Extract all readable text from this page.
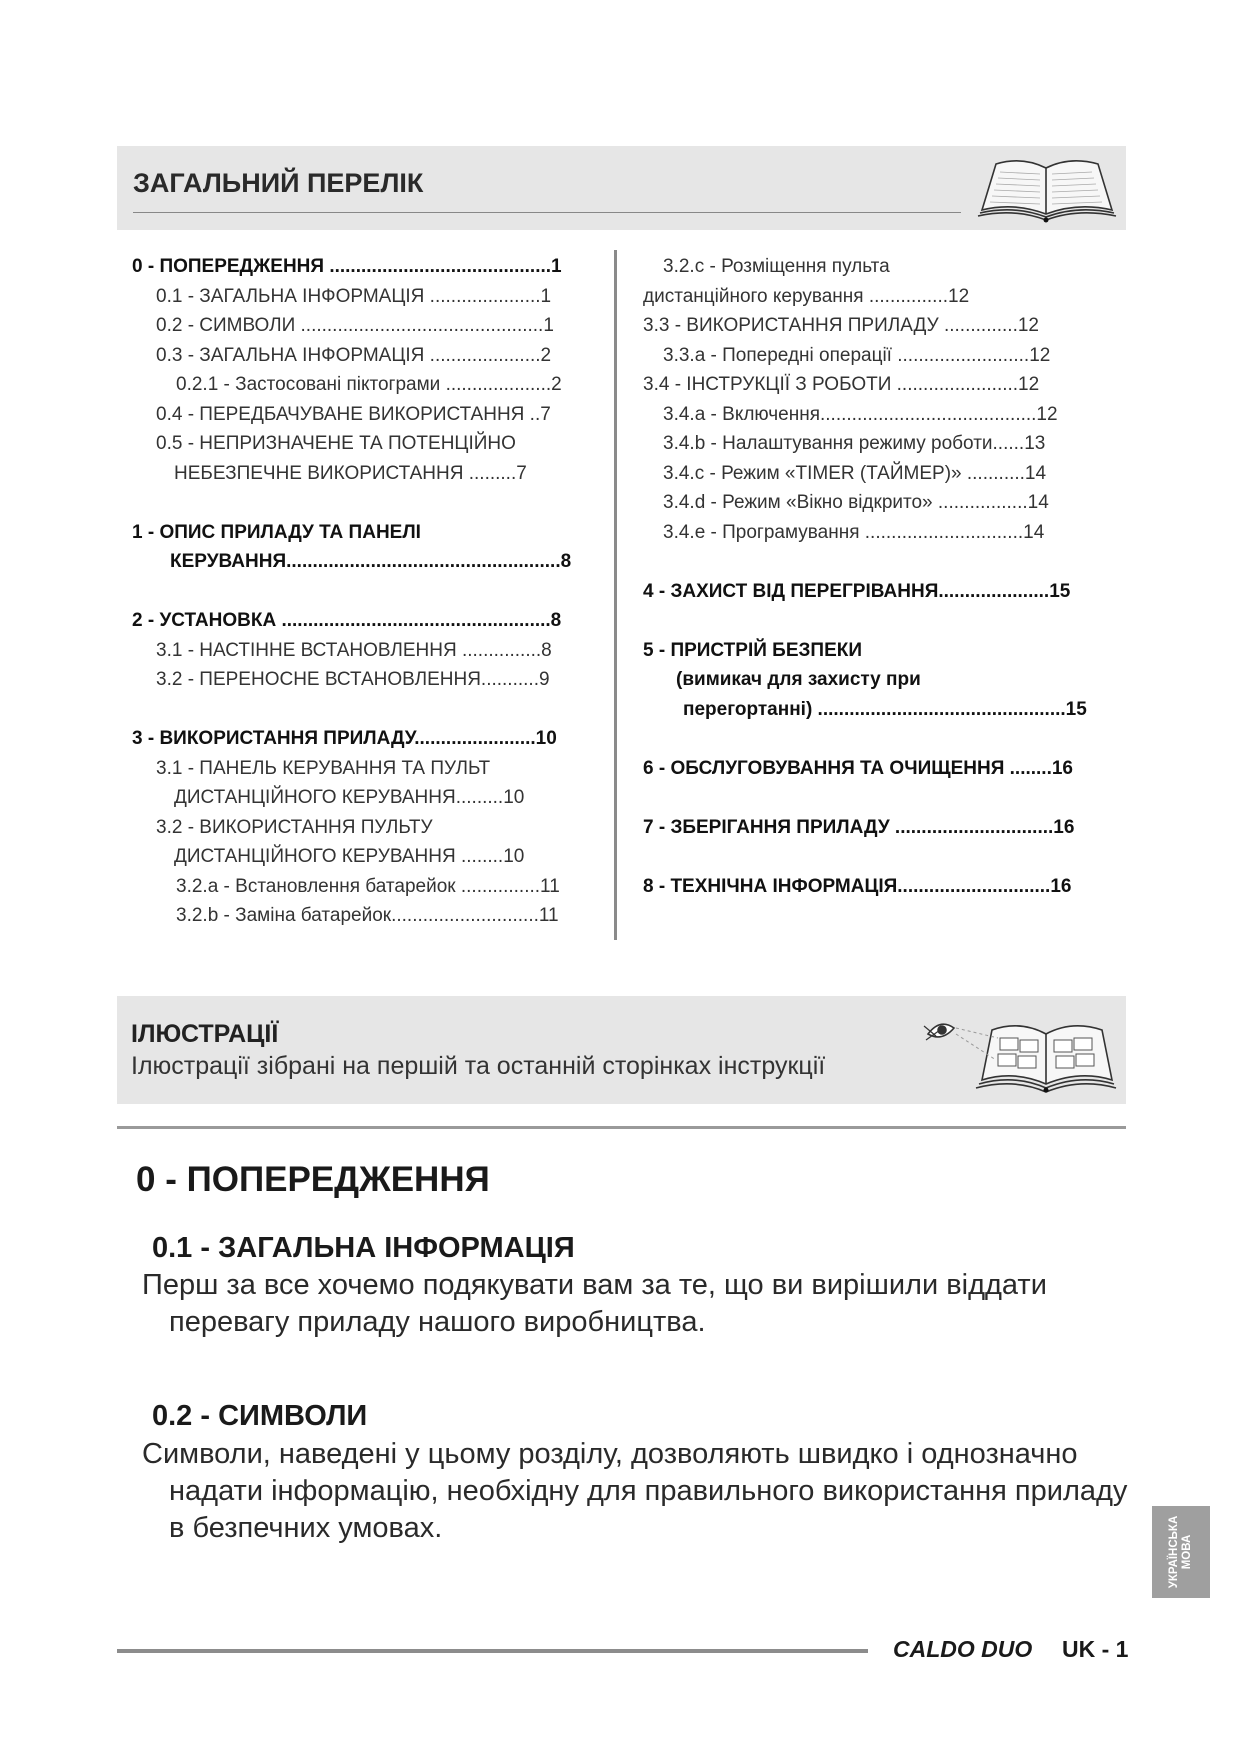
ЗАГАЛЬНИЙ ПЕРЕЛІК
0 - ПОПЕРЕДЖЕННЯ ..........................................1
0.1 - ЗАГАЛЬНА ІНФОРМАЦІЯ .....................1
0.2 - СИМВОЛИ ..............................................1
0.3 - ЗАГАЛЬНА ІНФОРМАЦІЯ .....................2
0.2.1 - Застосовані піктограми ....................2
0.4 - ПЕРЕДБАЧУВАНЕ ВИКОРИСТАННЯ ..7
0.5 - НЕПРИЗНАЧЕНЕ ТА ПОТЕНЦІЙНО
НЕБЕЗПЕЧНЕ ВИКОРИСТАННЯ .........7
1 - ОПИС ПРИЛАДУ ТА ПАНЕЛІ
КЕРУВАННЯ....................................................8
2 - УСТАНОВКА ...................................................8
3.1 - НАСТІННЕ ВСТАНОВЛЕННЯ ...............8
3.2 - ПЕРЕНОСНЕ ВСТАНОВЛЕННЯ...........9
3 - ВИКОРИСТАННЯ ПРИЛАДУ.......................10
3.1 - ПАНЕЛЬ КЕРУВАННЯ ТА ПУЛЬТ
ДИСТАНЦІЙНОГО КЕРУВАННЯ.........10
3.2 - ВИКОРИСТАННЯ ПУЛЬТУ
ДИСТАНЦІЙНОГО КЕРУВАННЯ ........10
3.2.a - Встановлення батарейок ...............11
3.2.b - Заміна батарейок............................11
3.2.c - Розміщення пульта
дистанційного керування ...............12
3.3 - ВИКОРИСТАННЯ ПРИЛАДУ ..............12
3.3.a - Попередні операції .........................12
3.4 - ІНСТРУКЦІЇ З РОБОТИ .......................12
3.4.a - Включення.........................................12
3.4.b - Налаштування режиму роботи......13
3.4.c - Режим «TIMER (ТАЙМЕР)» ...........14
3.4.d - Режим «Вікно відкрито» .................14
3.4.e - Програмування ..............................14
4 - ЗАХИСТ ВІД ПЕРЕГРІВАННЯ.....................15
5 - ПРИСТРІЙ БЕЗПЕКИ
(вимикач для захисту при
перегортанні) ...............................................15
6 - ОБСЛУГОВУВАННЯ ТА ОЧИЩЕННЯ ........16
7 - ЗБЕРІГАННЯ ПРИЛАДУ ..............................16
8 - ТЕХНІЧНА ІНФОРМАЦІЯ.............................16
ІЛЮСТРАЦІЇ
Ілюстрації зібрані на першій та останній сторінках інструкції
0 - ПОПЕРЕДЖЕННЯ
0.1 - ЗАГАЛЬНА ІНФОРМАЦІЯ
Перш за все хочемо подякувати вам за те, що ви вирішили віддати
перевагу приладу нашого виробництва.
0.2 - СИМВОЛИ
Символи, наведені у цьому розділу, дозволяють швидко і однозначно
надати інформацію, необхідну для правильного використання приладу
в безпечних умовах.	УКРАЇНСЬКА МОВА
CALDO DUO UK - 1
